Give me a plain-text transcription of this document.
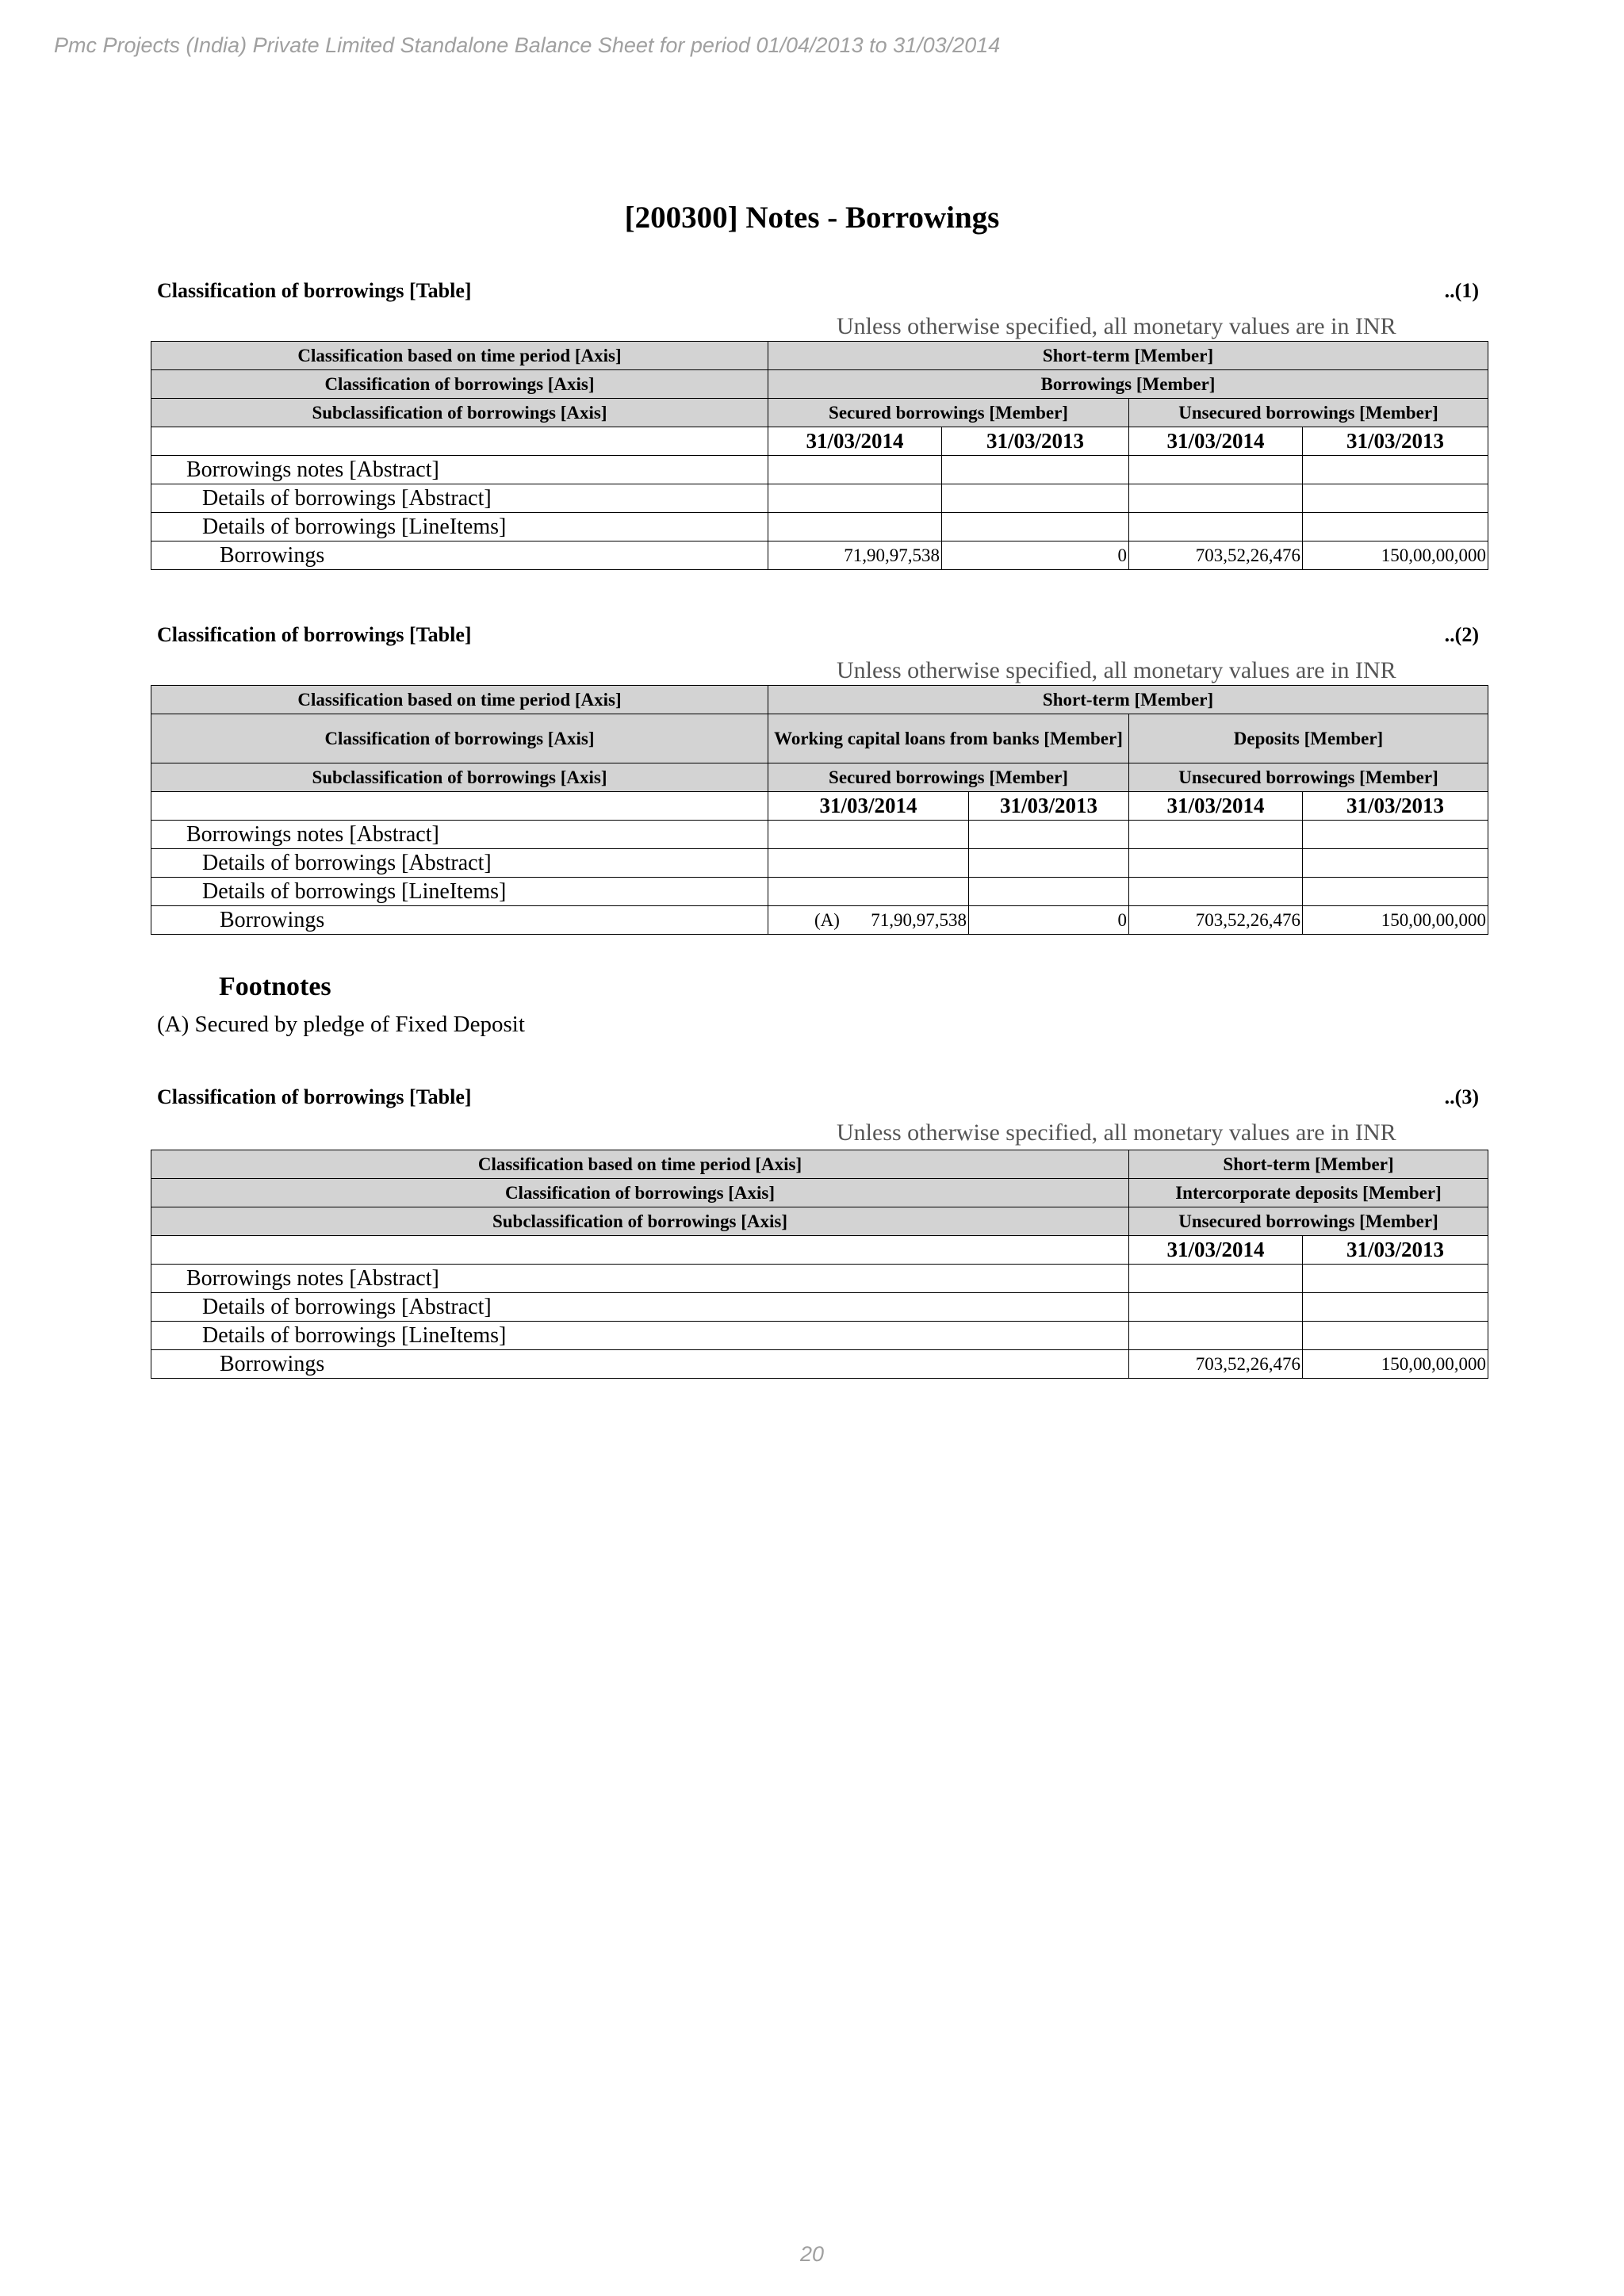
Pmc Projects (India) Private Limited Standalone Balance Sheet for period 01/04/2013 to 31/03/2014
[200300] Notes - Borrowings
Classification of borrowings [Table]	..(1)
Unless otherwise specified, all monetary values are in INR
Classification based on time period [Axis]	Short-term [Member]			
Classification of borrowings [Axis]	Borrowings [Member]			
Subclassification of borrowings [Axis]	Secured borrowings [Member]		Unsecured borrowings [Member]	
	31/03/2014	31/03/2013	31/03/2014	31/03/2013
Borrowings notes [Abstract]				
Details of borrowings [Abstract]				
Details of borrowings [LineItems]				
Borrowings	71,90,97,538	0	703,52,26,476	150,00,00,000
Classification of borrowings [Table]	..(2)
Unless otherwise specified, all monetary values are in INR
Classification based on time period [Axis]	Short-term [Member]			
Classification of borrowings [Axis]	Working capital loans from banks [Member]		Deposits [Member]	
Subclassification of borrowings [Axis]	Secured borrowings [Member]		Unsecured borrowings [Member]	
	31/03/2014	31/03/2013	31/03/2014	31/03/2013
Borrowings notes [Abstract]				
Details of borrowings [Abstract]				
Details of borrowings [LineItems]				
Borrowings	(A) 71,90,97,538	0	703,52,26,476	150,00,00,000
Footnotes
(A) Secured by pledge of Fixed Deposit
Classification of borrowings [Table]	..(3)
Unless otherwise specified, all monetary values are in INR
Classification based on time period [Axis]	Short-term [Member]	
Classification of borrowings [Axis]	Intercorporate deposits [Member]	
Subclassification of borrowings [Axis]	Unsecured borrowings [Member]	
	31/03/2014	31/03/2013
Borrowings notes [Abstract]		
Details of borrowings [Abstract]		
Details of borrowings [LineItems]		
Borrowings	703,52,26,476	150,00,00,000
20
